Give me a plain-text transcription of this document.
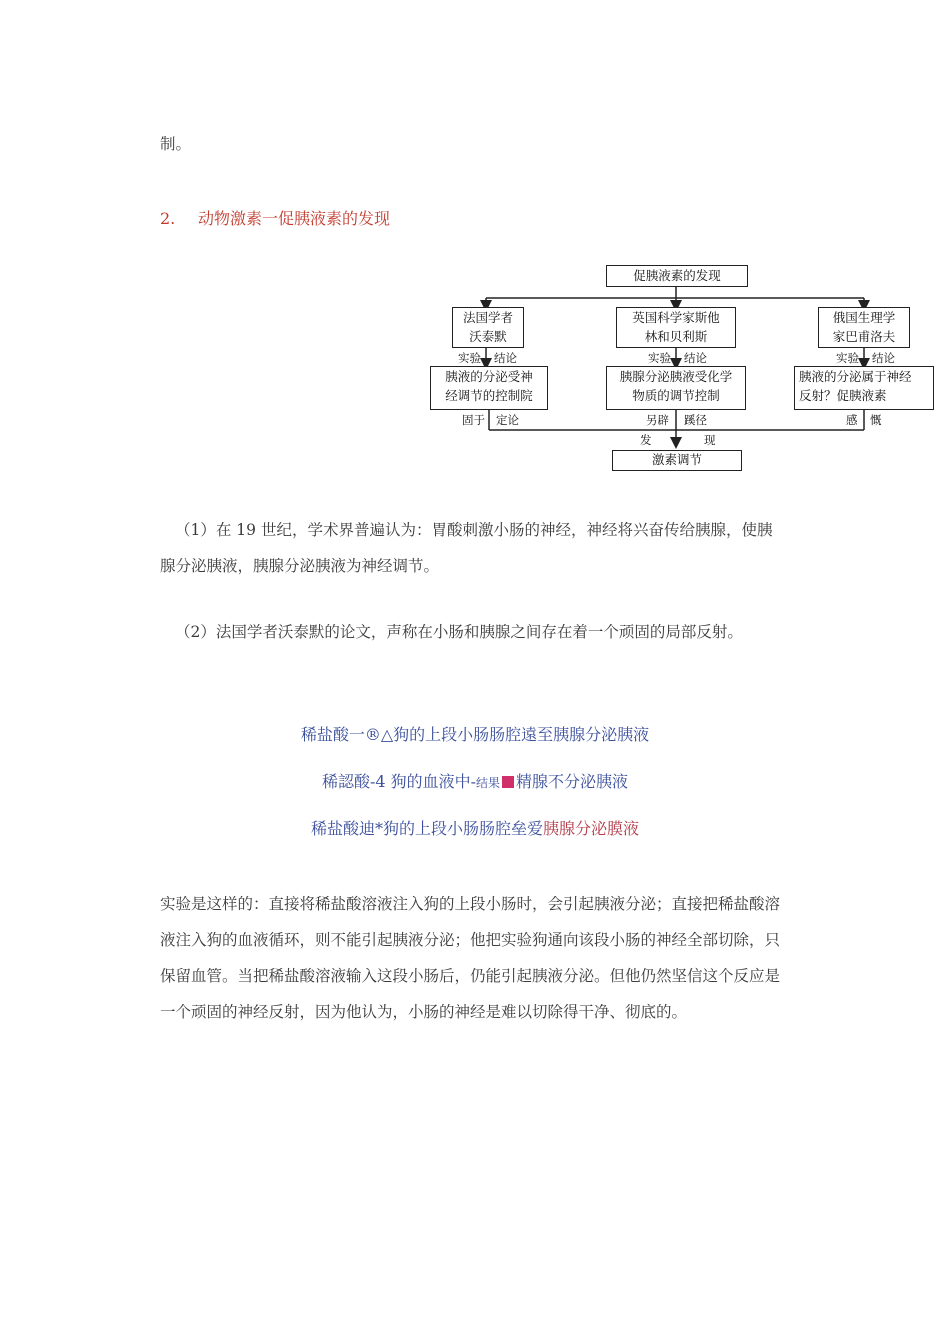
制。
2. 动物激素一促胰液素的发现
促胰液素的发现
法国学者
沃泰默
英国科学家斯他
林和贝利斯
俄国生理学
家巴甫洛夫
实验 结论	实验 结论	实验 结论
胰液的分泌受神
经调节的控制院
胰腺分泌胰液受化学
物质的调节控制
胰液的分泌属于神经
反射？促胰液素
固于 定论	另辟 蹊径	感 慨
发	现
激素调节
（1）在 19 世纪，学术界普遍认为：胃酸刺激小肠的神经，神经将兴奋传给胰腺，使胰腺分泌胰液，胰腺分泌胰液为神经调节。
（2）法国学者沃泰默的论文，声称在小肠和胰腺之间存在着一个顽固的局部反射。
稀盐酸一®△狗的上段小肠肠腔遠至胰腺分泌胰液
稀認酸-4 狗的血液中-结果 精腺不分泌胰液
稀盐酸迪*狗的上段小肠肠腔垒爱胰腺分泌膜液
实验是这样的：直接将稀盐酸溶液注入狗的上段小肠时，会引起胰液分泌；直接把稀盐酸溶液注入狗的血液循环，则不能引起胰液分泌；他把实验狗通向该段小肠的神经全部切除，只保留血管。当把稀盐酸溶液输入这段小肠后，仍能引起胰液分泌。但他仍然坚信这个反应是一个顽固的神经反射，因为他认为，小肠的神经是难以切除得干净、彻底的。
